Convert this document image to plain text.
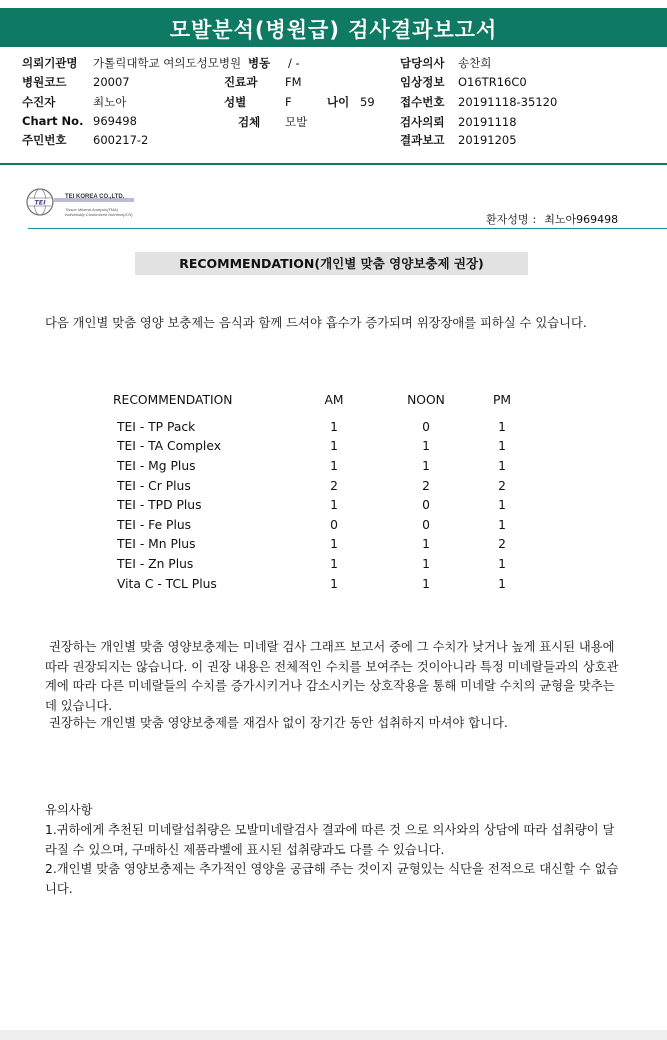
모발분석(병원급) 검사결과보고서
의뢰기관명 가톨릭대학교 여의도성모병원 병동 / -	담당의사 송찬희
병원코드 20007	진료과 FM	임상정보 O16TR16C0
수진자	최노아	성별	F	나이 59 접수번호 20191118-35120
Chart No. 969498	검체 모발	검사의뢰 20191118
주민번호 600217-2	결과보고 20191205
TEI
TEI KOREA CO.,LTD.
Tissue Mineral Analysis(TMA)
Individually Customized Nutrition(ICN)	환자성명 : 최노아969498
RECOMMENDATION(개인별 맞춤 영양보충제 권장)
다음 개인별 맞춤 영양 보충제는 음식과 함께 드셔야 흡수가 증가되며 위장장애를 피하실 수 있습니다.
RECOMMENDATION	AM	NOON	PM
TEI - TP Pack	1	0	1
TEI - TA Complex	1	1	1
TEI - Mg Plus	1	1	1
TEI - Cr Plus	2	2	2
TEI - TPD Plus	1	0	1
TEI - Fe Plus	0	0	1
TEI - Mn Plus	1	1	2
TEI - Zn Plus	1	1	1
Vita C - TCL Plus	1	1	1
권장하는 개인별 맞춤 영양보충제는 미네랄 검사 그래프 보고서 중에 그 수치가 낮거나 높게 표시된 내용에 따라 권장되지는 않습니다. 이 권장 내용은 전체적인 수치를 보여주는 것이아니라 특정 미네랄들과의 상호관계에 따라 다른 미네랄들의 수치를 증가시키거나 감소시키는 상호작용을 통해 미네랄 수치의 균형을 맞추는데 있습니다.
권장하는 개인별 맞춤 영양보충제를 재검사 없이 장기간 동안 섭취하지 마셔야 합니다.
유의사항
1.귀하에게 추천된 미네랄섭취량은 모발미네랄검사 결과에 따른 것 으로 의사와의 상담에 따라 섭취량이 달라질 수 있으며, 구매하신 제품라벨에 표시된 섭취량과도 다를 수 있습니다.
2.개인별 맞춤 영양보충제는 추가적인 영양을 공급해 주는 것이지 균형있는 식단을 전적으로 대신할 수 없습니다.
